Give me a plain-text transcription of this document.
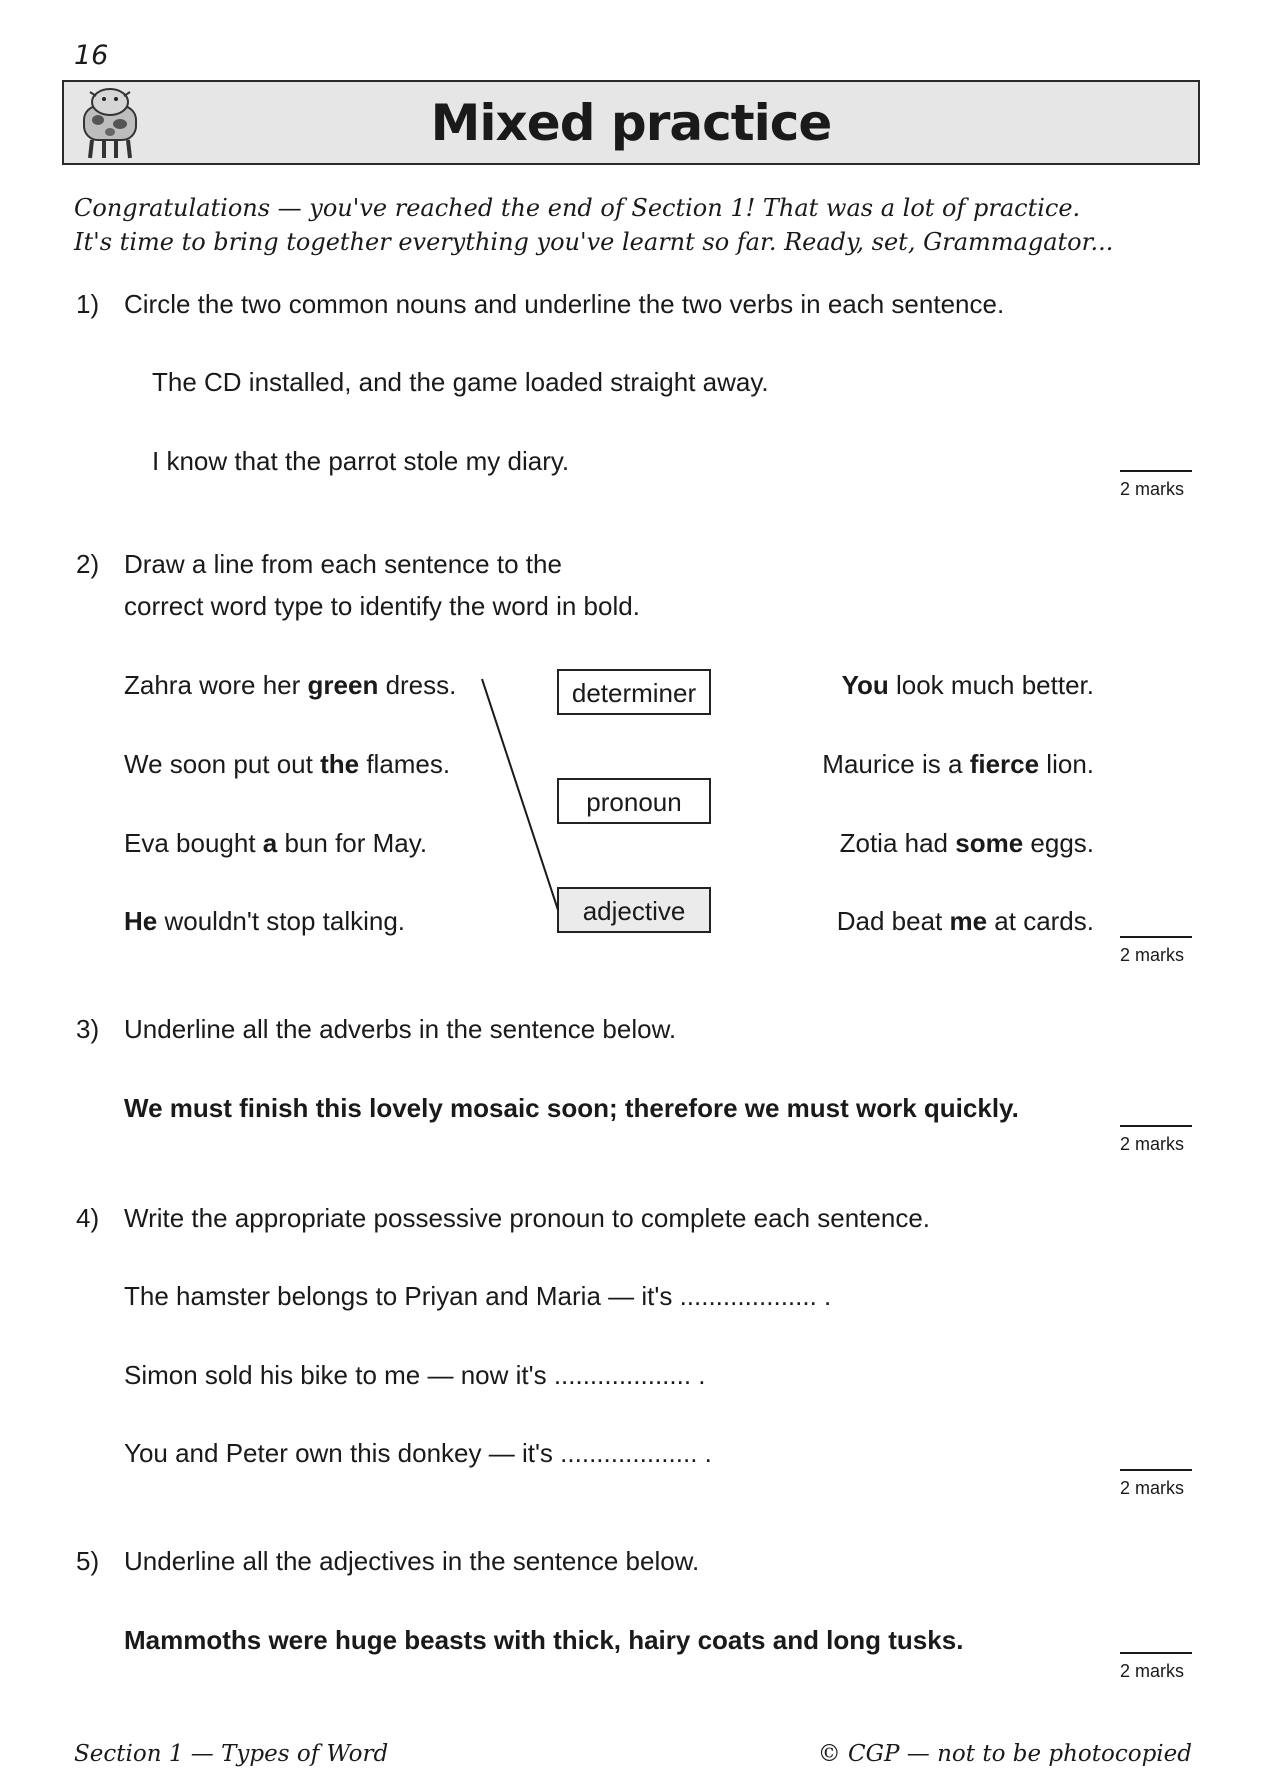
16
Mixed practice
Congratulations — you've reached the end of Section 1! That was a lot of practice.
It's time to bring together everything you've learnt so far. Ready, set, Grammagator...
1) Circle the two common nouns and underline the two verbs in each sentence.
The CD installed, and the game loaded straight away.
I know that the parrot stole my diary.
2 marks
2) Draw a line from each sentence to the
correct word type to identify the word in bold.
Zahra wore her green dress.
We soon put out the flames.
Eva bought a bun for May.
He wouldn't stop talking.
determiner
pronoun
adjective
You look much better.
Maurice is a fierce lion.
Zotia had some eggs.
Dad beat me at cards.
2 marks
3) Underline all the adverbs in the sentence below.
We must finish this lovely mosaic soon; therefore we must work quickly.
2 marks
4) Write the appropriate possessive pronoun to complete each sentence.
The hamster belongs to Priyan and Maria — it's ................... .
Simon sold his bike to me — now it's ................... .
You and Peter own this donkey — it's ................... .
2 marks
5) Underline all the adjectives in the sentence below.
Mammoths were huge beasts with thick, hairy coats and long tusks.
2 marks
Section 1 — Types of Word	© CGP — not to be photocopied
